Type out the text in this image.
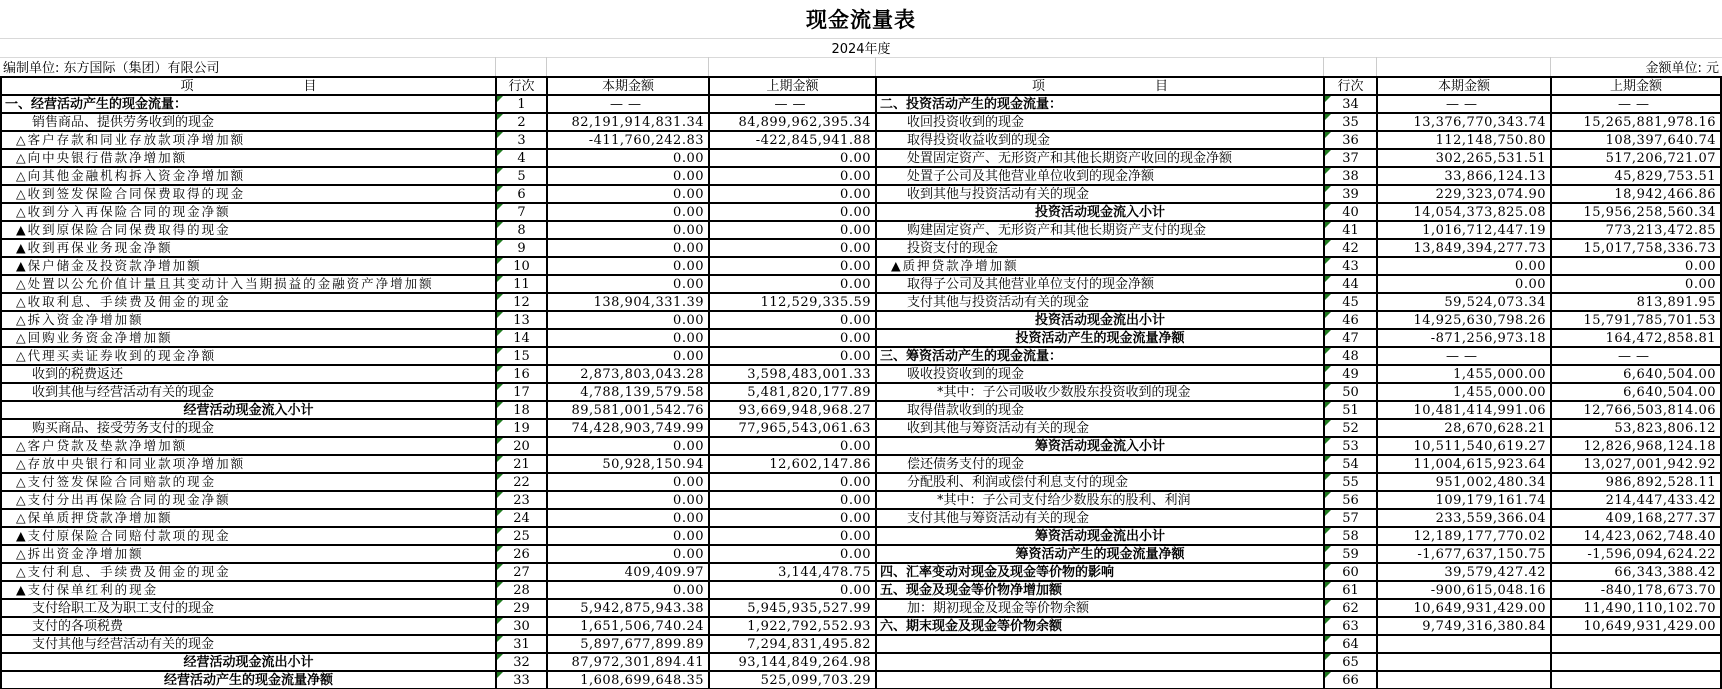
现金流量表
2024年度
编制单位: 东方国际（集团）有限公司	金额单位: 元
项	目	行次	本期金额	上期金额	项	目	行次	本期金额	上期金额
一、经营活动产生的现金流量：	1	——	——	二、投资活动产生的现金流量：	34	——	——
销售商品、提供劳务收到的现金	2	82,191,914,831.34	84,899,962,395.34	收回投资收到的现金	35	13,376,770,343.74	15,265,881,978.16
△客户存款和同业存放款项净增加额	3	-411,760,242.83	-422,845,941.88	取得投资收益收到的现金	36	112,148,750.80	108,397,640.74
△向中央银行借款净增加额	4	0.00	0.00	处置固定资产、无形资产和其他长期资产收回的现金净额	37	302,265,531.51	517,206,721.07
△向其他金融机构拆入资金净增加额	5	0.00	0.00	处置子公司及其他营业单位收到的现金净额	38	33,866,124.13	45,829,753.51
△收到签发保险合同保费取得的现金	6	0.00	0.00	收到其他与投资活动有关的现金	39	229,323,074.90	18,942,466.86
△收到分入再保险合同的现金净额	7	0.00	0.00	投资活动现金流入小计	40	14,054,373,825.08	15,956,258,560.34
▲收到原保险合同保费取得的现金	8	0.00	0.00	购建固定资产、无形资产和其他长期资产支付的现金	41	1,016,712,447.19	773,213,472.85
▲收到再保业务现金净额	9	0.00	0.00	投资支付的现金	42	13,849,394,277.73	15,017,758,336.73
▲保户储金及投资款净增加额	10	0.00	0.00	▲质押贷款净增加额	43	0.00	0.00
△处置以公允价值计量且其变动计入当期损益的金融资产净增加额	11	0.00	0.00	取得子公司及其他营业单位支付的现金净额	44	0.00	0.00
△收取利息、手续费及佣金的现金	12	138,904,331.39	112,529,335.59	支付其他与投资活动有关的现金	45	59,524,073.34	813,891.95
△拆入资金净增加额	13	0.00	0.00	投资活动现金流出小计	46	14,925,630,798.26	15,791,785,701.53
△回购业务资金净增加额	14	0.00	0.00	投资活动产生的现金流量净额	47	-871,256,973.18	164,472,858.81
△代理买卖证券收到的现金净额	15	0.00	0.00 三、筹资活动产生的现金流量：	48	——	——
收到的税费返还	16	2,873,803,043.28	3,598,483,001.33	吸收投资收到的现金	49	1,455,000.00	6,640,504.00
收到其他与经营活动有关的现金	17	4,788,139,579.58	5,481,820,177.89	*其中：子公司吸收少数股东投资收到的现金	50	1,455,000.00	6,640,504.00
经营活动现金流入小计	18	89,581,001,542.76	93,669,948,968.27	取得借款收到的现金	51	10,481,414,991.06	12,766,503,814.06
购买商品、接受劳务支付的现金	19	74,428,903,749.99	77,965,543,061.63	收到其他与筹资活动有关的现金	52	28,670,628.21	53,823,806.12
△客户贷款及垫款净增加额	20	0.00	0.00	筹资活动现金流入小计	53	10,511,540,619.27	12,826,968,124.18
△存放中央银行和同业款项净增加额	21	50,928,150.94	12,602,147.86	偿还债务支付的现金	54	11,004,615,923.64	13,027,001,942.92
△支付签发保险合同赔款的现金	22	0.00	0.00	分配股利、利润或偿付利息支付的现金	55	951,002,480.34	986,892,528.11
△支付分出再保险合同的现金净额	23	0.00	0.00	*其中：子公司支付给少数股东的股利、利润	56	109,179,161.74	214,447,433.42
△保单质押贷款净增加额	24	0.00	0.00	支付其他与筹资活动有关的现金	57	233,559,366.04	409,168,277.37
▲支付原保险合同赔付款项的现金	25	0.00	0.00	筹资活动现金流出小计	58	12,189,177,770.02	14,423,062,748.40
△拆出资金净增加额	26	0.00	0.00	筹资活动产生的现金流量净额	59	-1,677,637,150.75	-1,596,094,624.22
△支付利息、手续费及佣金的现金	27	409,409.97	3,144,478.75 四、汇率变动对现金及现金等价物的影响	60	39,579,427.42	66,343,388.42
▲支付保单红利的现金	28	0.00	0.00 五、现金及现金等价物净增加额	61	-900,615,048.16	-840,178,673.70
支付给职工及为职工支付的现金	29	5,942,875,943.38	5,945,935,527.99	加：期初现金及现金等价物余额	62	10,649,931,429.00	11,490,110,102.70
支付的各项税费	30	1,651,506,740.24	1,922,792,552.93 六、期末现金及现金等价物余额	63	9,749,316,380.84	10,649,931,429.00
支付其他与经营活动有关的现金	31	5,897,677,899.89	7,294,831,495.82	64
经营活动现金流出小计	32	87,972,301,894.41	93,144,849,264.98	65
经营活动产生的现金流量净额	33	1,608,699,648.35	525,099,703.29	66
